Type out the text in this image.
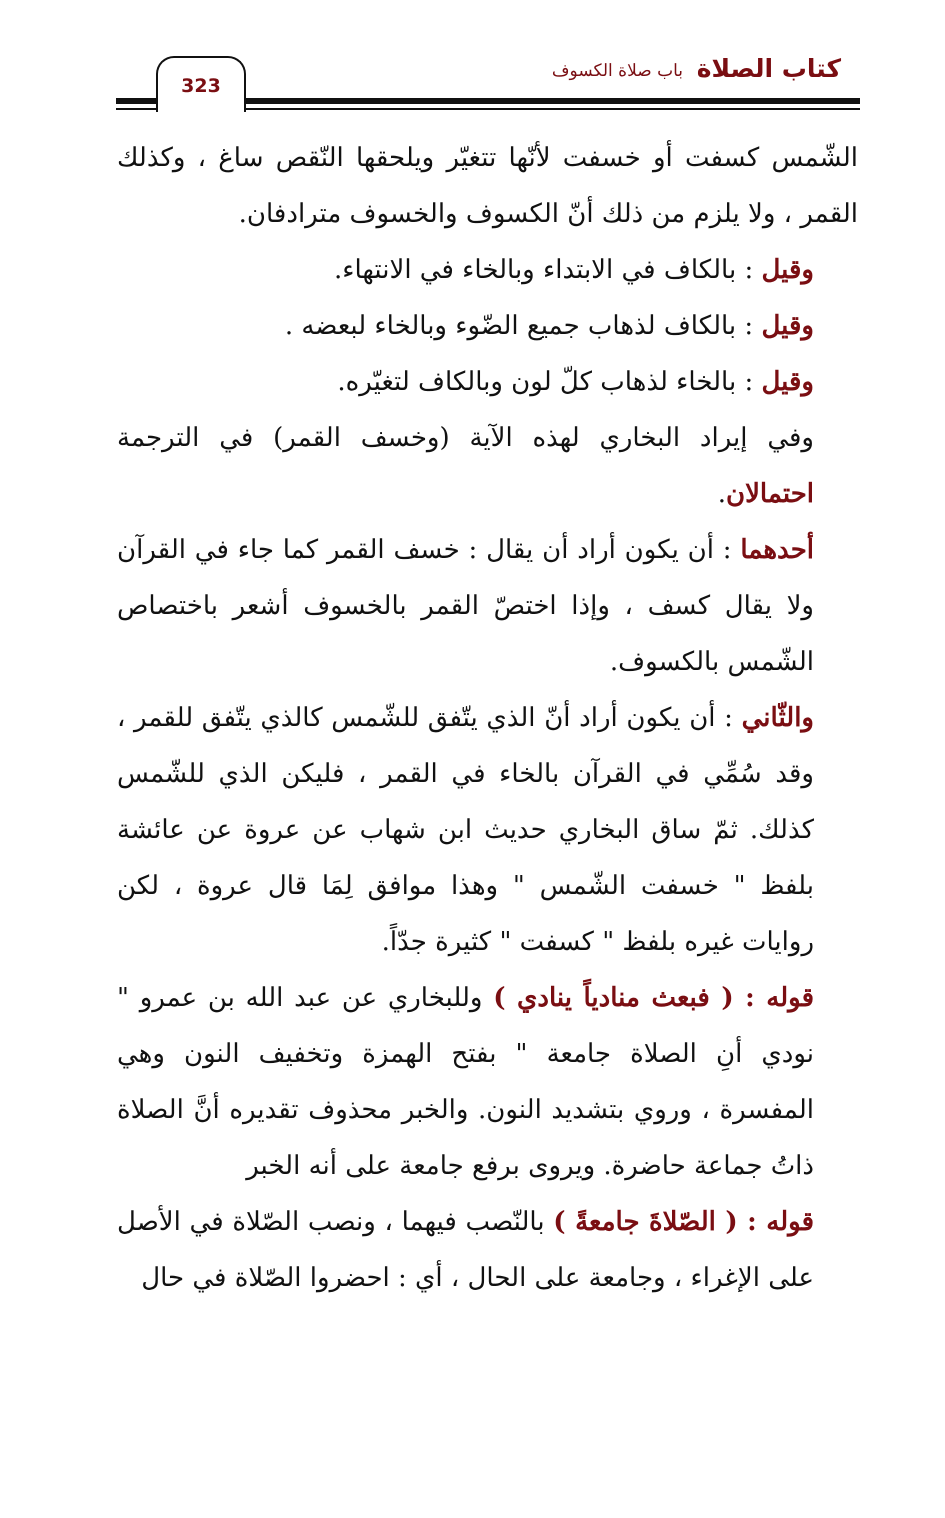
كتاب الصلاة
باب صلاة الكسوف
323

الشّمس كسفت أو خسفت لأنّها تتغيّر ويلحقها النّقص ساغ ، وكذلك القمر ، ولا يلزم من ذلك أنّ الكسوف والخسوف مترادفان.

وقيل : بالكاف في الابتداء وبالخاء في الانتهاء.

وقيل : بالكاف لذهاب جميع الضّوء وبالخاء لبعضه .

وقيل : بالخاء لذهاب كلّ لون وبالكاف لتغيّره.

وفي إيراد البخاري لهذه الآية (وخسف القمر) في الترجمة احتمالان.

أحدهما : أن يكون أراد أن يقال : خسف القمر كما جاء في القرآن ولا يقال كسف ، وإذا اختصّ القمر بالخسوف أشعر باختصاص الشّمس بالكسوف.

والثّاني : أن يكون أراد أنّ الذي يتّفق للشّمس كالذي يتّفق للقمر ، وقد سُمِّي في القرآن بالخاء في القمر ، فليكن الذي للشّمس كذلك. ثمّ ساق البخاري حديث ابن شهاب عن عروة عن عائشة بلفظ " خسفت الشّمس " وهذا موافق لِمَا قال عروة ، لكن روايات غيره بلفظ " كسفت " كثيرة جدّاً.

قوله : ( فبعث منادياً ينادي ) وللبخاري عن عبد الله بن عمرو " نودي أنِ الصلاة جامعة " بفتح الهمزة وتخفيف النون وهي المفسرة ، وروي بتشديد النون. والخبر محذوف تقديره أنَّ الصلاة ذاتُ جماعة حاضرة. ويروى برفع جامعة على أنه الخبر

قوله : ( الصّلاةَ جامعةً ) بالنّصب فيهما ، ونصب الصّلاة في الأصل على الإغراء ، وجامعة على الحال ، أي : احضروا الصّلاة في حال
